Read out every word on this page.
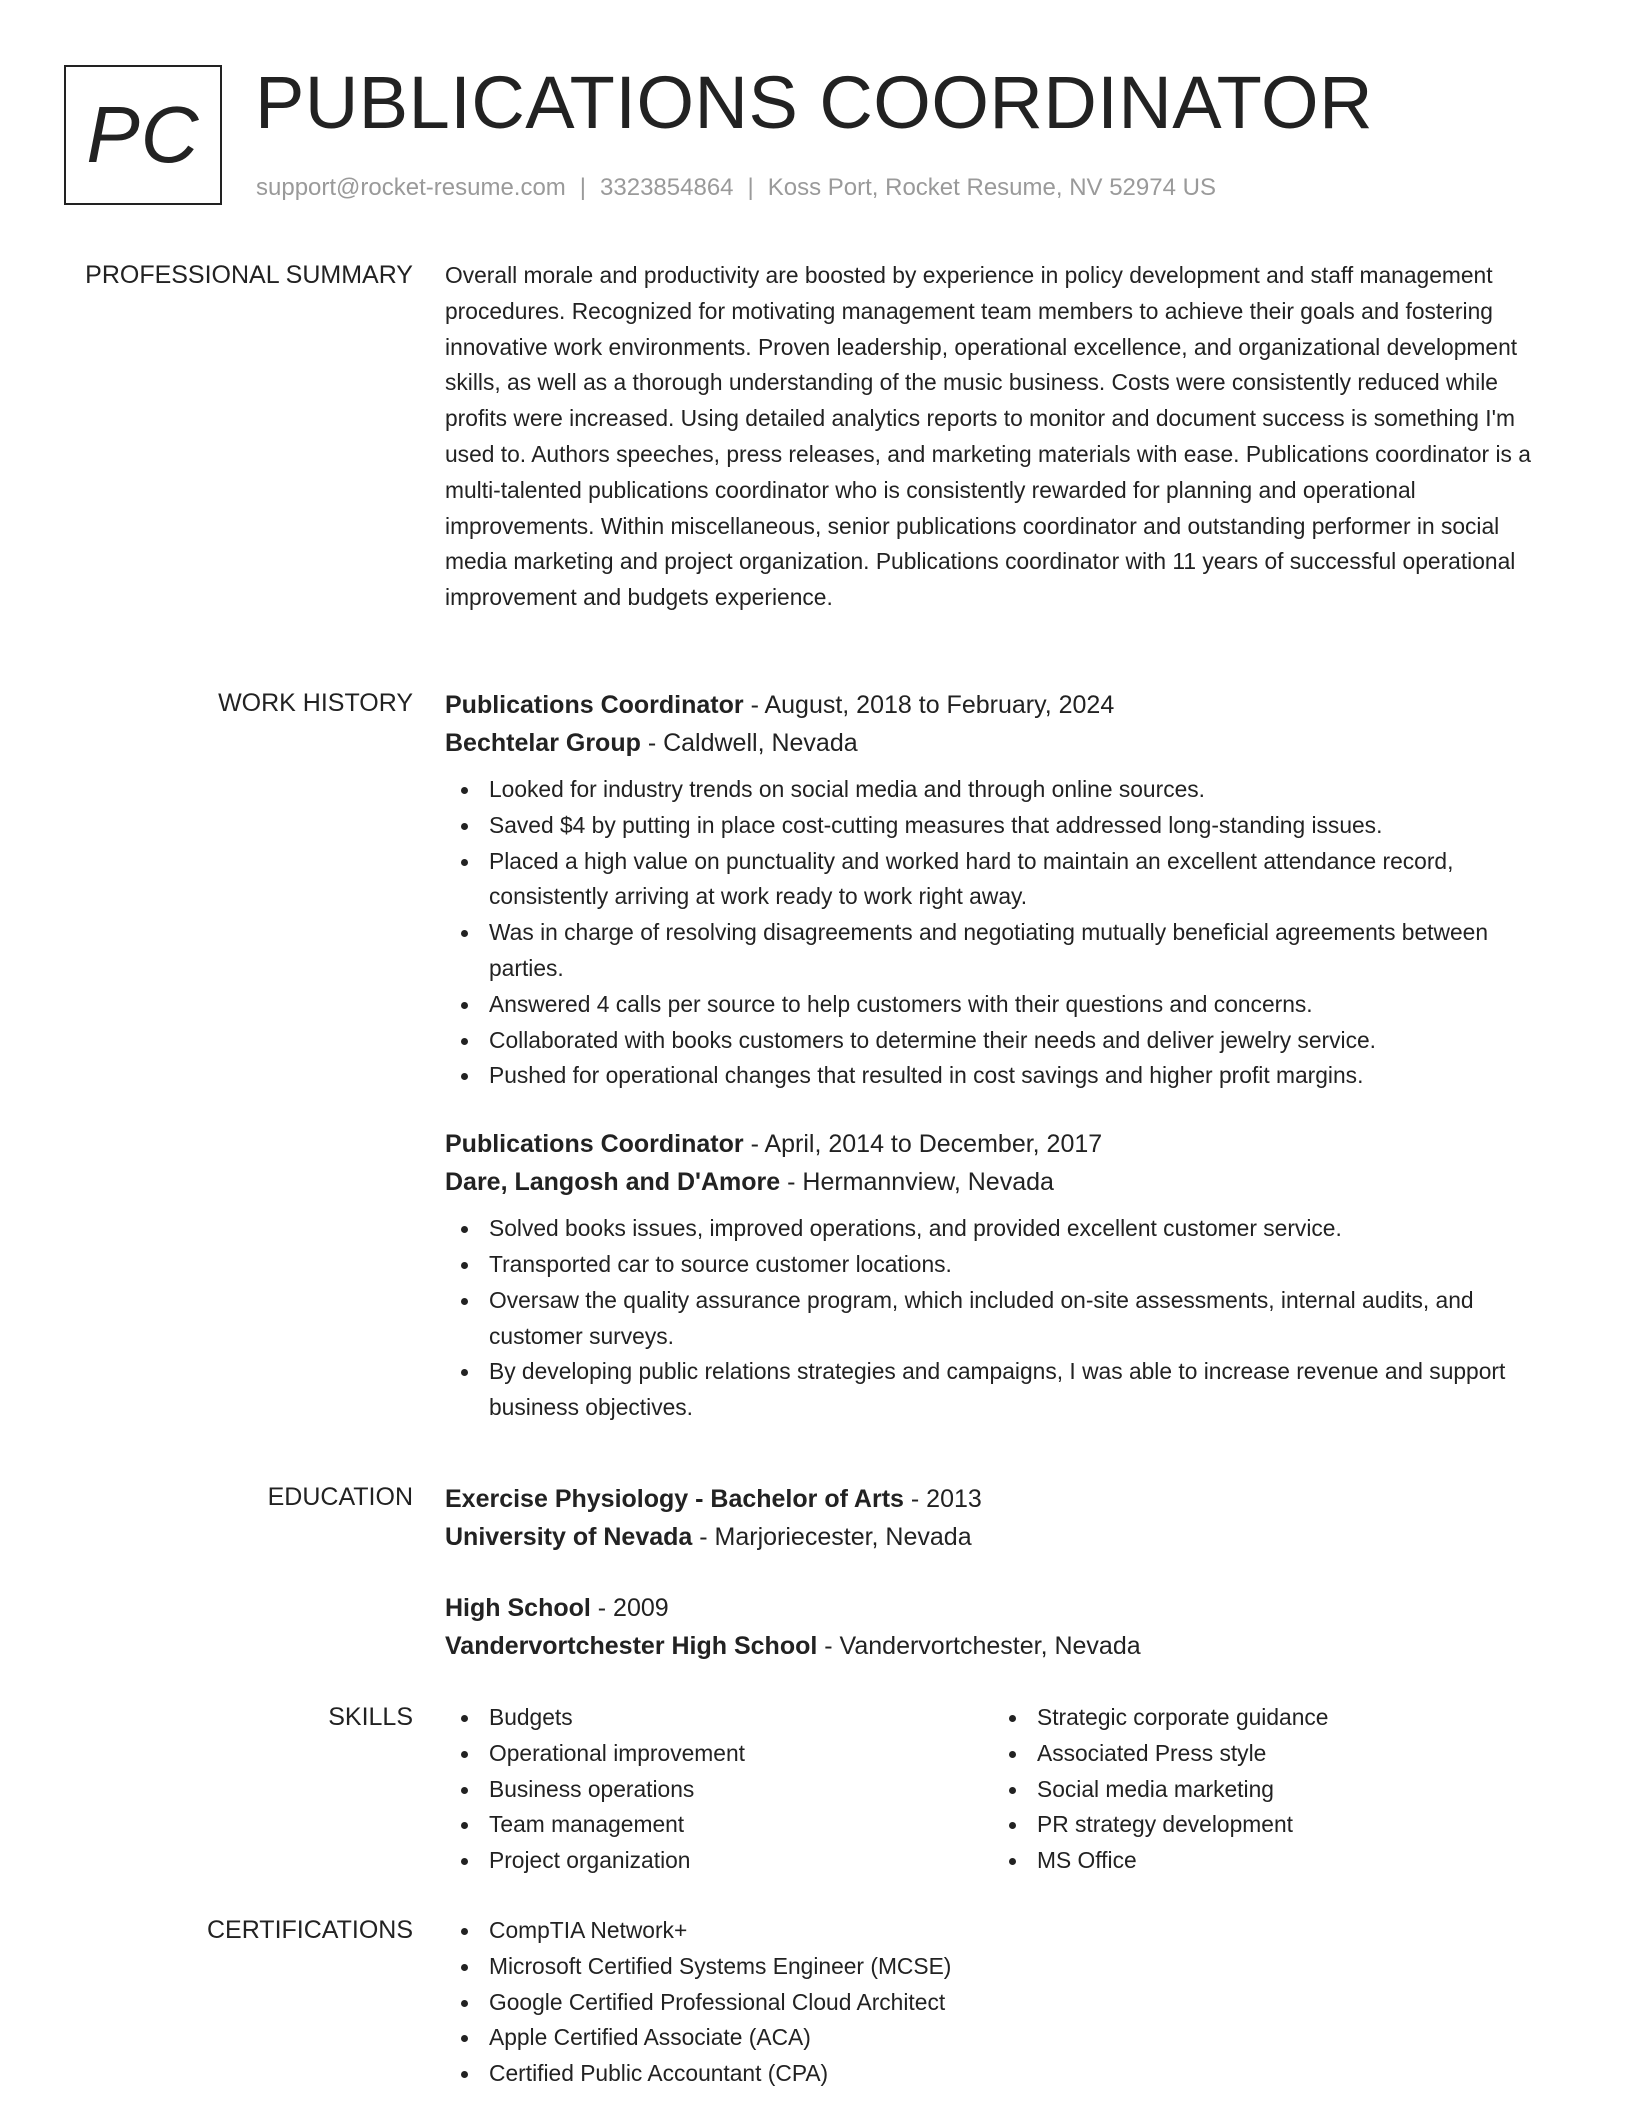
PC PUBLICATIONS COORDINATOR
support@rocket-resume.com | 3323854864 | Koss Port, Rocket Resume, NV 52974 US
PROFESSIONAL SUMMARY Overall morale and productivity are boosted by experience in policy development and staff management procedures. Recognized for motivating management team members to achieve their goals and fostering innovative work environments. Proven leadership, operational excellence, and organizational development skills, as well as a thorough understanding of the music business. Costs were consistently reduced while profits were increased. Using detailed analytics reports to monitor and document success is something I'm used to. Authors speeches, press releases, and marketing materials with ease. Publications coordinator is a multi-talented publications coordinator who is consistently rewarded for planning and operational improvements. Within miscellaneous, senior publications coordinator and outstanding performer in social media marketing and project organization. Publications coordinator with 11 years of successful operational improvement and budgets experience.

WORK HISTORY Publications Coordinator - August, 2018 to February, 2024

Bechtelar Group - Caldwell, Nevada

Looked for industry trends on social media and through online sources.
Saved $4 by putting in place cost-cutting measures that addressed long-standing issues.
Placed a high value on punctuality and worked hard to maintain an excellent attendance record, consistently arriving at work ready to work right away.
Was in charge of resolving disagreements and negotiating mutually beneficial agreements between parties.
Answered 4 calls per source to help customers with their questions and concerns.
Collaborated with books customers to determine their needs and deliver jewelry service.
Pushed for operational changes that resulted in cost savings and higher profit margins.

Publications Coordinator - April, 2014 to December, 2017

Dare, Langosh and D'Amore - Hermannview, Nevada

Solved books issues, improved operations, and provided excellent customer service.
Transported car to source customer locations.
Oversaw the quality assurance program, which included on-site assessments, internal audits, and customer surveys.
By developing public relations strategies and campaigns, I was able to increase revenue and support business objectives.
EDUCATION Exercise Physiology - Bachelor of Arts - 2013

University of Nevada - Marjoriecester, Nevada

High School - 2009

Vandervortchester High School - Vandervortchester, Nevada

SKILLS	Budgets
Operational improvement
Business operations
Team management
Project organization
Strategic corporate guidance
Associated Press style
Social media marketing
PR strategy development
MS Office
CERTIFICATIONS	CompTIA Network+
Microsoft Certified Systems Engineer (MCSE)
Google Certified Professional Cloud Architect
Apple Certified Associate (ACA)
Certified Public Accountant (CPA)
